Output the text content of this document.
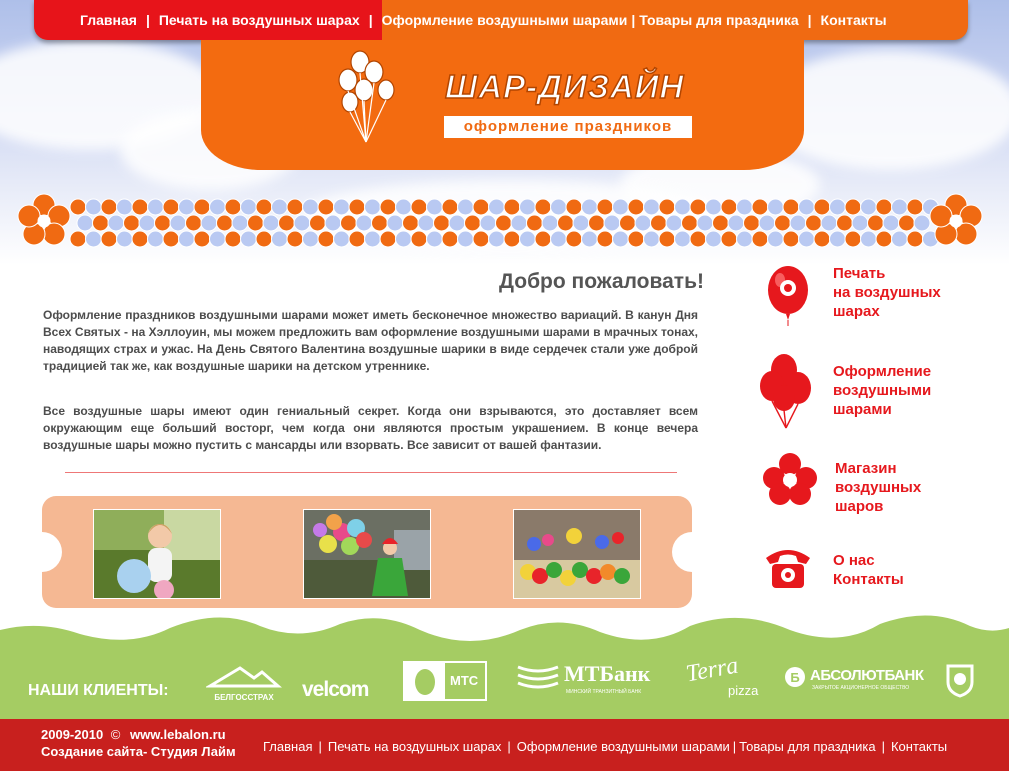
Главная | Печать на воздушных шарах | Оформление воздушными шарами | Товары для праздника | Контакты
ШАР-ДИЗАЙН
оформление праздников
Добро пожаловать!
Оформление праздников воздушными шарами может иметь бесконечное множество вариаций. В канун Дня Всех Святых - на Хэллоуин, мы можем предложить вам оформление воздушными шарами в мрачных тонах, наводящих страх и ужас. На День Святого Валентина воздушные шарики в виде сердечек стали уже доброй традицией так же, как воздушные шарики на детском утреннике.
Все воздушные шары имеют один гениальный секрет. Когда они взрываются, это доставляет всем окружающим еще больший восторг, чем когда они являются простым украшением. В конце вечера воздушные шары можно пустить с мансарды или взорвать. Все зависит от вашей фантазии.
Печать
на воздушных
шарах
Оформление
воздушными
шарами
Магазин
воздушных
шаров
О нас
Контакты
НАШИ КЛИЕНТЫ:	БЕЛГОССТРАХ	velcom	МТС	МТБанк
МИНСКИЙ ТРАНЗИТНЫЙ БАНК
Terra
pizza
Б АБСОЛЮТБАНК
ЗАКРЫТОЕ АКЦИОНЕРНОЕ ОБЩЕСТВО
2009-2010 © www.lebalon.ru
Создание сайта- Студия Лайм Главная | Печать на воздушных шарах | Оформление воздушными шарами | Товары для праздника | Контакты
